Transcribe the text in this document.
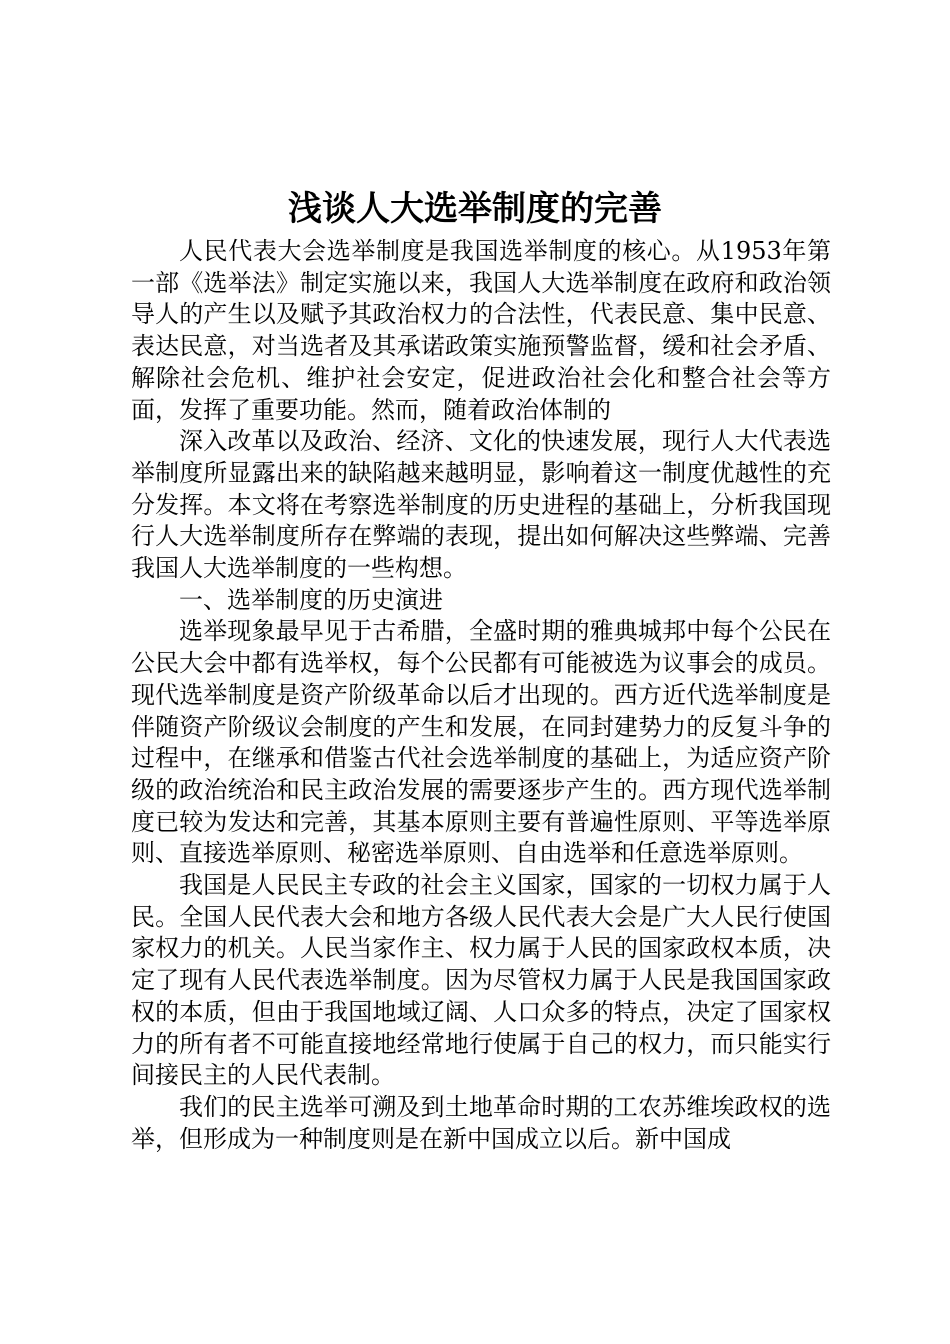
浅谈人大选举制度的完善

人民代表大会选举制度是我国选举制度的核心。从1953年第一部《选举法》制定实施以来，我国人大选举制度在政府和政治领导人的产生以及赋予其政治权力的合法性，代表民意、集中民意、表达民意，对当选者及其承诺政策实施预警监督，缓和社会矛盾、解除社会危机、维护社会安定，促进政治社会化和整合社会等方面，发挥了重要功能。然而，随着政治体制的

深入改革以及政治、经济、文化的快速发展，现行人大代表选举制度所显露出来的缺陷越来越明显，影响着这一制度优越性的充分发挥。本文将在考察选举制度的历史进程的基础上，分析我国现行人大选举制度所存在弊端的表现，提出如何解决这些弊端、完善我国人大选举制度的一些构想。

一、选举制度的历史演进

选举现象最早见于古希腊，全盛时期的雅典城邦中每个公民在公民大会中都有选举权，每个公民都有可能被选为议事会的成员。现代选举制度是资产阶级革命以后才出现的。西方近代选举制度是伴随资产阶级议会制度的产生和发展，在同封建势力的反复斗争的过程中，在继承和借鉴古代社会选举制度的基础上，为适应资产阶级的政治统治和民主政治发展的需要逐步产生的。西方现代选举制度已较为发达和完善，其基本原则主要有普遍性原则、平等选举原则、直接选举原则、秘密选举原则、自由选举和任意选举原则。

我国是人民民主专政的社会主义国家，国家的一切权力属于人民。全国人民代表大会和地方各级人民代表大会是广大人民行使国家权力的机关。人民当家作主、权力属于人民的国家政权本质，决定了现有人民代表选举制度。因为尽管权力属于人民是我国国家政权的本质，但由于我国地域辽阔、人口众多的特点，决定了国家权力的所有者不可能直接地经常地行使属于自己的权力，而只能实行间接民主的人民代表制。

我们的民主选举可溯及到土地革命时期的工农苏维埃政权的选举，但形成为一种制度则是在新中国成立以后。新中国成
